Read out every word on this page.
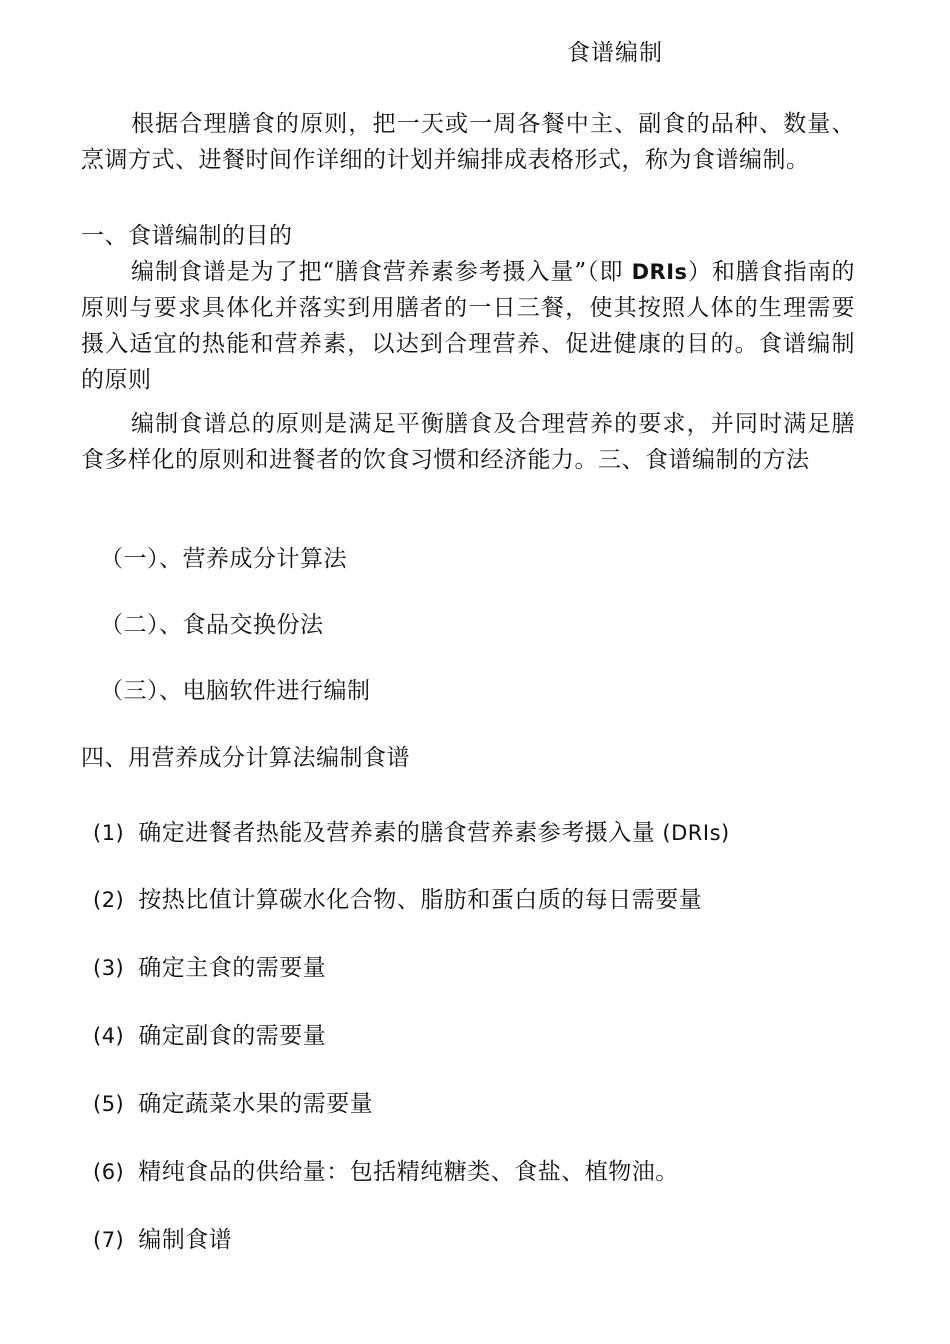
食谱编制
根据合理膳食的原则，把一天或一周各餐中主、副食的品种、数量、烹调方式、进餐时间作详细的计划并编排成表格形式，称为食谱编制。
一、食谱编制的目的
编制食谱是为了把“膳食营养素参考摄入量”（即 DRIs）和膳食指南的原则与要求具体化并落实到用膳者的一日三餐，使其按照人体的生理需要摄入适宜的热能和营养素，以达到合理营养、促进健康的目的。食谱编制的原则
编制食谱总的原则是满足平衡膳食及合理营养的要求，并同时满足膳食多样化的原则和进餐者的饮食习惯和经济能力。三、食谱编制的方法
（一）、营养成分计算法
（二）、食品交换份法
（三）、电脑软件进行编制
四、用营养成分计算法编制食谱
(1) 确定进餐者热能及营养素的膳食营养素参考摄入量 (DRIs)
(2) 按热比值计算碳水化合物、脂肪和蛋白质的每日需要量
(3) 确定主食的需要量
(4) 确定副食的需要量
(5) 确定蔬菜水果的需要量
(6) 精纯食品的供给量：包括精纯糖类、食盐、植物油。
(7) 编制食谱
